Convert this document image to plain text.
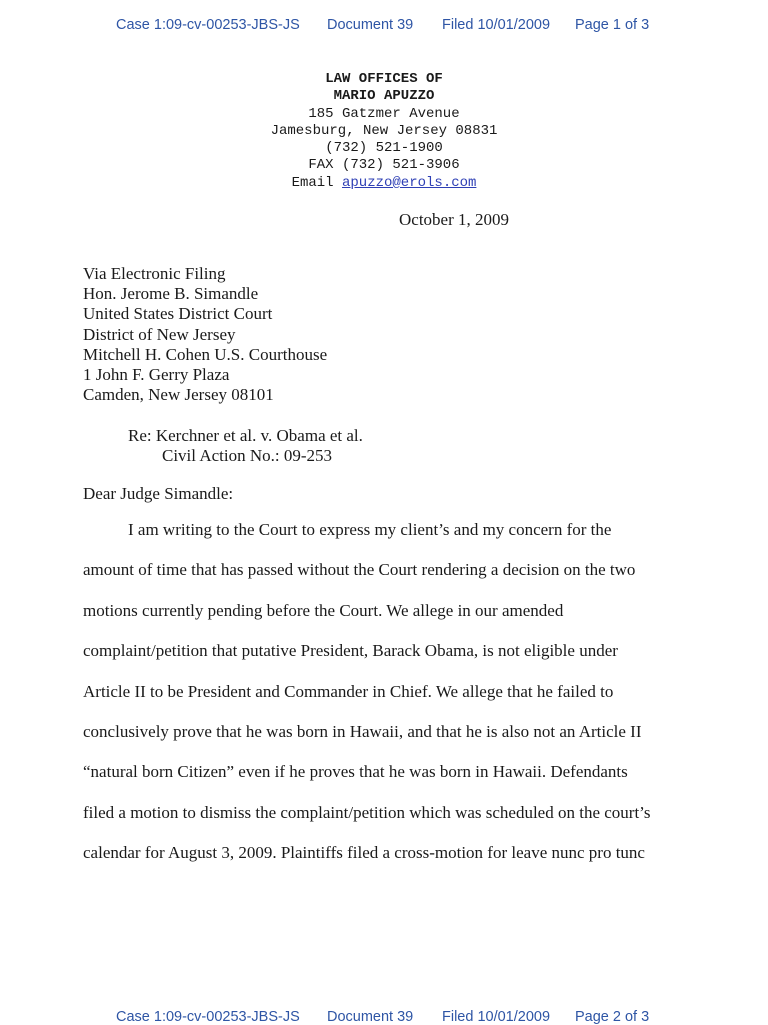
Case 1:09-cv-00253-JBS-JS Document 39 Filed 10/01/2009 Page 1 of 3
LAW OFFICES OF
MARIO APUZZO
185 Gatzmer Avenue
Jamesburg, New Jersey 08831
(732) 521-1900
FAX (732) 521-3906
Email apuzzo@erols.com
October 1, 2009
Via Electronic Filing
Hon. Jerome B. Simandle
United States District Court
District of New Jersey
Mitchell H. Cohen U.S. Courthouse
1 John F. Gerry Plaza
Camden, New Jersey 08101
Re: Kerchner et al. v. Obama et al.
Civil Action No.: 09-253
Dear Judge Simandle:
I am writing to the Court to express my client’s and my concern for the
amount of time that has passed without the Court rendering a decision on the two
motions currently pending before the Court. We allege in our amended
complaint/petition that putative President, Barack Obama, is not eligible under
Article II to be President and Commander in Chief. We allege that he failed to
conclusively prove that he was born in Hawaii, and that he is also not an Article II
“natural born Citizen” even if he proves that he was born in Hawaii. Defendants
filed a motion to dismiss the complaint/petition which was scheduled on the court’s
calendar for August 3, 2009. Plaintiffs filed a cross-motion for leave nunc pro tunc
Case 1:09-cv-00253-JBS-JS Document 39 Filed 10/01/2009 Page 2 of 3
